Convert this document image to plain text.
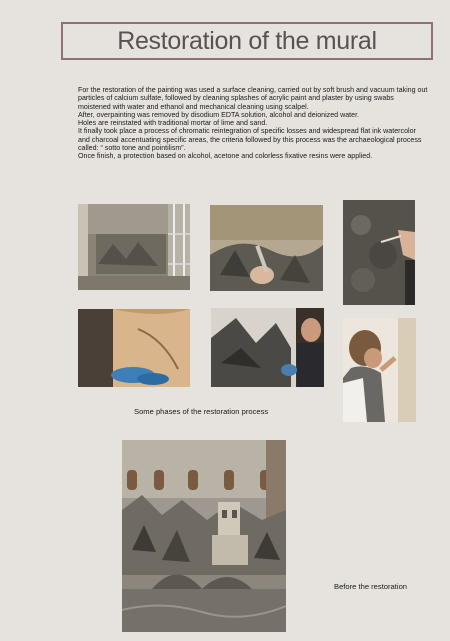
Restoration of the mural

For the restoration of the painting was used a surface cleaning, carried out by soft brush and vacuum taking out particles of calcium sulfate, followed by cleaning splashes of acrylic paint and plaster by using swabs moistened with water and ethanol and mechanical cleaning using scalpel.

After, overpainting was removed by disodium EDTA solution, alcohol and deionized water.

Holes are reinstated with traditional mortar of lime and sand.

It finally took place a process of chromatic reintegration of specific losses and widespread flat ink watercolor and charcoal accentuating specific areas, the criteria followed by this process was the archaeological process called: “ sotto tone and pointilism”.

Once finish, a protection based on alcohol, acetone and colorless fixative resins were applied.

Some phases of the restoration process
Before the restoration
